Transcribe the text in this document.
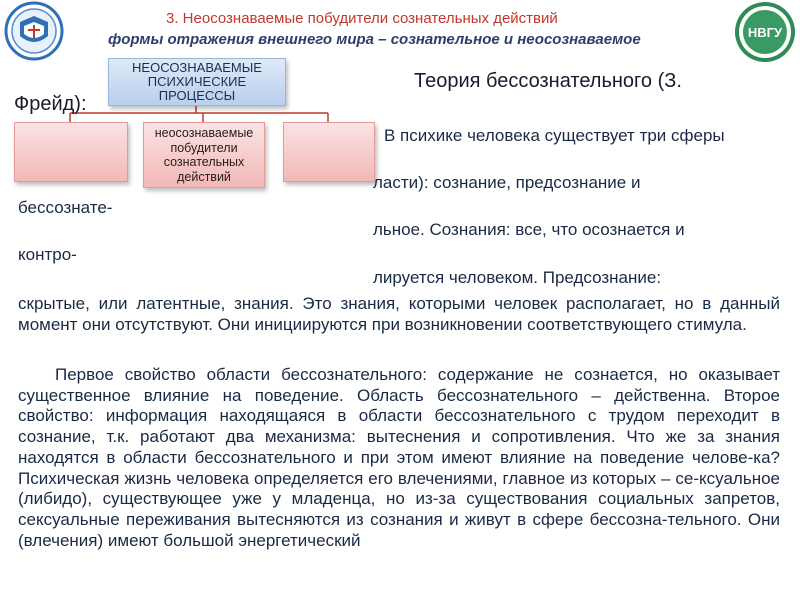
НВГУ
3. Неосознаваемые побудители сознательных действий
формы отражения внешнего мира – сознательное и неосознаваемое
НЕОСОЗНАВАЕМЫЕ ПСИХИЧЕСКИЕ ПРОЦЕССЫ
неосознаваемые побудители сознательных действий
Теория бессознательного (З.
Фрейд):
В психике человека существует три сферы
ласти): сознание, предсознание и
бессознате-
льное. Сознания: все, что осознается и
контро-
лируется человеком. Предсознание:
скрытые, или латентные, знания. Это знания, которыми человек располагает, но в данный момент они отсутствуют. Они инициируются при возникновении соответствующего стимула.
Первое свойство области бессознательного: содержание не сознается, но оказывает существенное влияние на поведение. Область бессознательного – действенна. Второе свойство: информация находящаяся в области бессознательного с трудом переходит в сознание, т.к. работают два механизма: вытеснения и сопротивления. Что же за знания находятся в области бессознательного и при этом имеют влияние на поведение челове-ка? Психическая жизнь человека определяется его влечениями, главное из которых – се-ксуальное (либидо), существующее уже у младенца, но из-за существования социальных запретов, сексуальные переживания вытесняются из сознания и живут в сфере бессозна-тельного. Они (влечения) имеют большой энергетический
